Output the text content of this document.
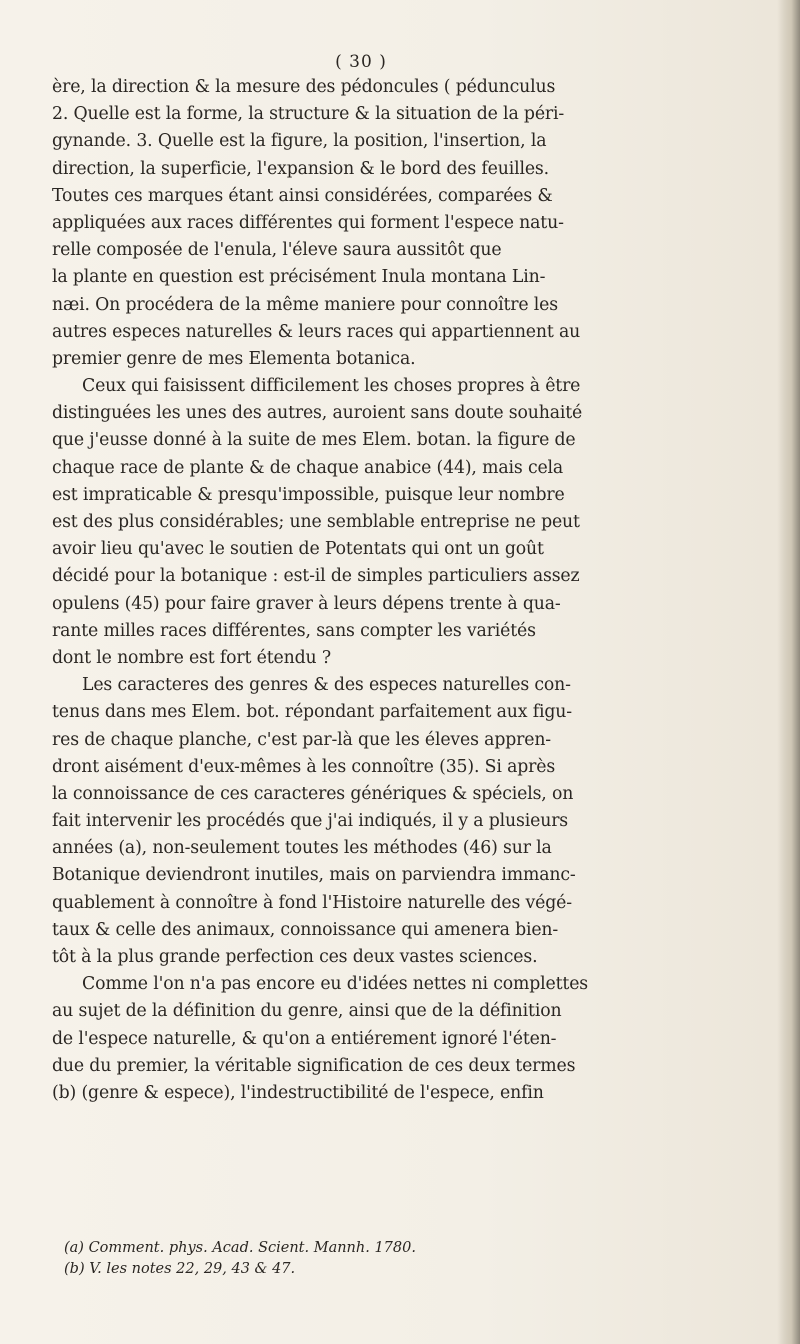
( 30 )
ère, la direction & la mesure des pédoncules ( pédunculus
2. Quelle est la forme, la structure & la situation de la péri-
gynande. 3. Quelle est la figure, la position, l'insertion, la
direction, la superficie, l'expansion & le bord des feuilles.
Toutes ces marques étant ainsi considérées, comparées &
appliquées aux races différentes qui forment l'espece natu-
relle composée de l'enula, l'éleve saura aussitôt que
la plante en question est précisément Inula montana Lin-
næi. On procédera de la même maniere pour connoître les
autres especes naturelles & leurs races qui appartiennent au
premier genre de mes Elementa botanica.
Ceux qui faisissent difficilement les choses propres à être
distinguées les unes des autres, auroient sans doute souhaité
que j'eusse donné à la suite de mes Elem. botan. la figure de
chaque race de plante & de chaque anabice (44), mais cela
est impraticable & presqu'impossible, puisque leur nombre
est des plus considérables; une semblable entreprise ne peut
avoir lieu qu'avec le soutien de Potentats qui ont un goût
décidé pour la botanique : est-il de simples particuliers assez
opulens (45) pour faire graver à leurs dépens trente à qua-
rante milles races différentes, sans compter les variétés
dont le nombre est fort étendu ?
Les caracteres des genres & des especes naturelles con-
tenus dans mes Elem. bot. répondant parfaitement aux figu-
res de chaque planche, c'est par-là que les éleves appren-
dront aisément d'eux-mêmes à les connoître (35). Si après
la connoissance de ces caracteres génériques & spéciels, on
fait intervenir les procédés que j'ai indiqués, il y a plusieurs
années (a), non-seulement toutes les méthodes (46) sur la
Botanique deviendront inutiles, mais on parviendra immanc-
quablement à connoître à fond l'Histoire naturelle des végé-
taux & celle des animaux, connoissance qui amenera bien-
tôt à la plus grande perfection ces deux vastes sciences.
Comme l'on n'a pas encore eu d'idées nettes ni complettes
au sujet de la définition du genre, ainsi que de la définition
de l'espece naturelle, & qu'on a entiérement ignoré l'éten-
due du premier, la véritable signification de ces deux termes
(b) (genre & espece), l'indestructibilité de l'espece, enfin
(a) Comment. phys. Acad. Scient. Mannh. 1780.
(b) V. les notes 22, 29, 43 & 47.
